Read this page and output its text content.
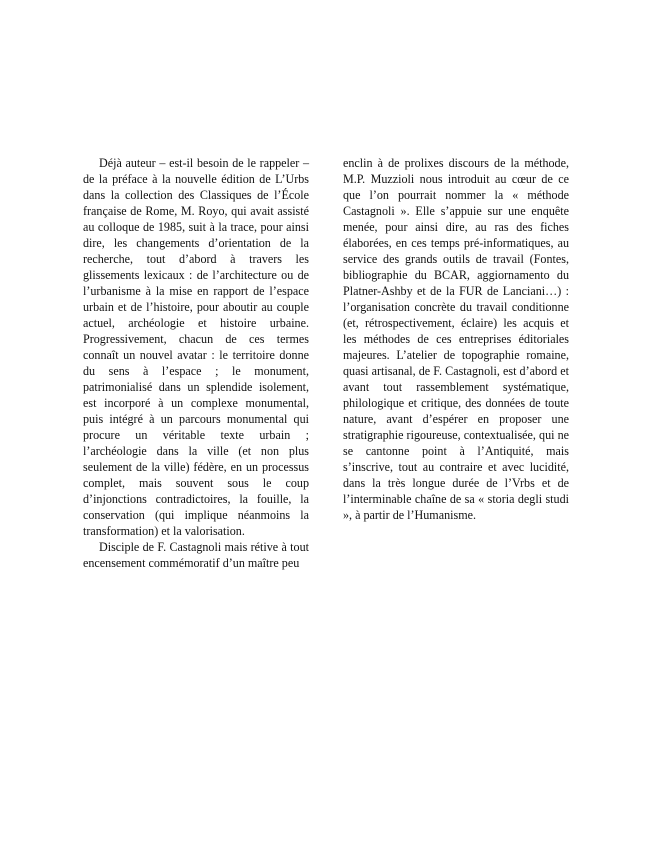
Déjà auteur – est-il besoin de le rappeler – de la préface à la nouvelle édition de L’Urbs dans la collection des Classiques de l’École française de Rome, M. Royo, qui avait assisté au colloque de 1985, suit à la trace, pour ainsi dire, les changements d’orientation de la recherche, tout d’abord à travers les glissements lexicaux : de l’architecture ou de l’urbanisme à la mise en rapport de l’espace urbain et de l’histoire, pour aboutir au couple actuel, archéologie et histoire urbaine. Progressivement, chacun de ces termes connaît un nouvel avatar : le territoire donne du sens à l’espace ; le monument, patrimonialisé dans un splendide isolement, est incorporé à un complexe monumental, puis intégré à un parcours monumental qui procure un véritable texte urbain ; l’archéologie dans la ville (et non plus seulement de la ville) fédère, en un processus complet, mais souvent sous le coup d’injonctions contradictoires, la fouille, la conservation (qui implique néanmoins la transformation) et la valorisation.

Disciple de F. Castagnoli mais rétive à tout encensement commémoratif d’un maître peu

enclin à de prolixes discours de la méthode, M.P. Muzzioli nous introduit au cœur de ce que l’on pourrait nommer la « méthode Castagnoli ». Elle s’appuie sur une enquête menée, pour ainsi dire, au ras des fiches élaborées, en ces temps pré-informatiques, au service des grands outils de travail (Fontes, bibliographie du BCAR, aggiornamento du Platner-Ashby et de la FUR de Lanciani…) : l’organisation concrète du travail conditionne (et, rétrospectivement, éclaire) les acquis et les méthodes de ces entreprises éditoriales majeures. L’atelier de topographie romaine, quasi artisanal, de F. Castagnoli, est d’abord et avant tout rassemblement systématique, philologique et critique, des données de toute nature, avant d’espérer en proposer une stratigraphie rigoureuse, contextualisée, qui ne se cantonne point à l’Antiquité, mais s’inscrive, tout au contraire et avec lucidité, dans la très longue durée de l’Vrbs et de l’interminable chaîne de sa « storia degli studi », à partir de l’Humanisme.
